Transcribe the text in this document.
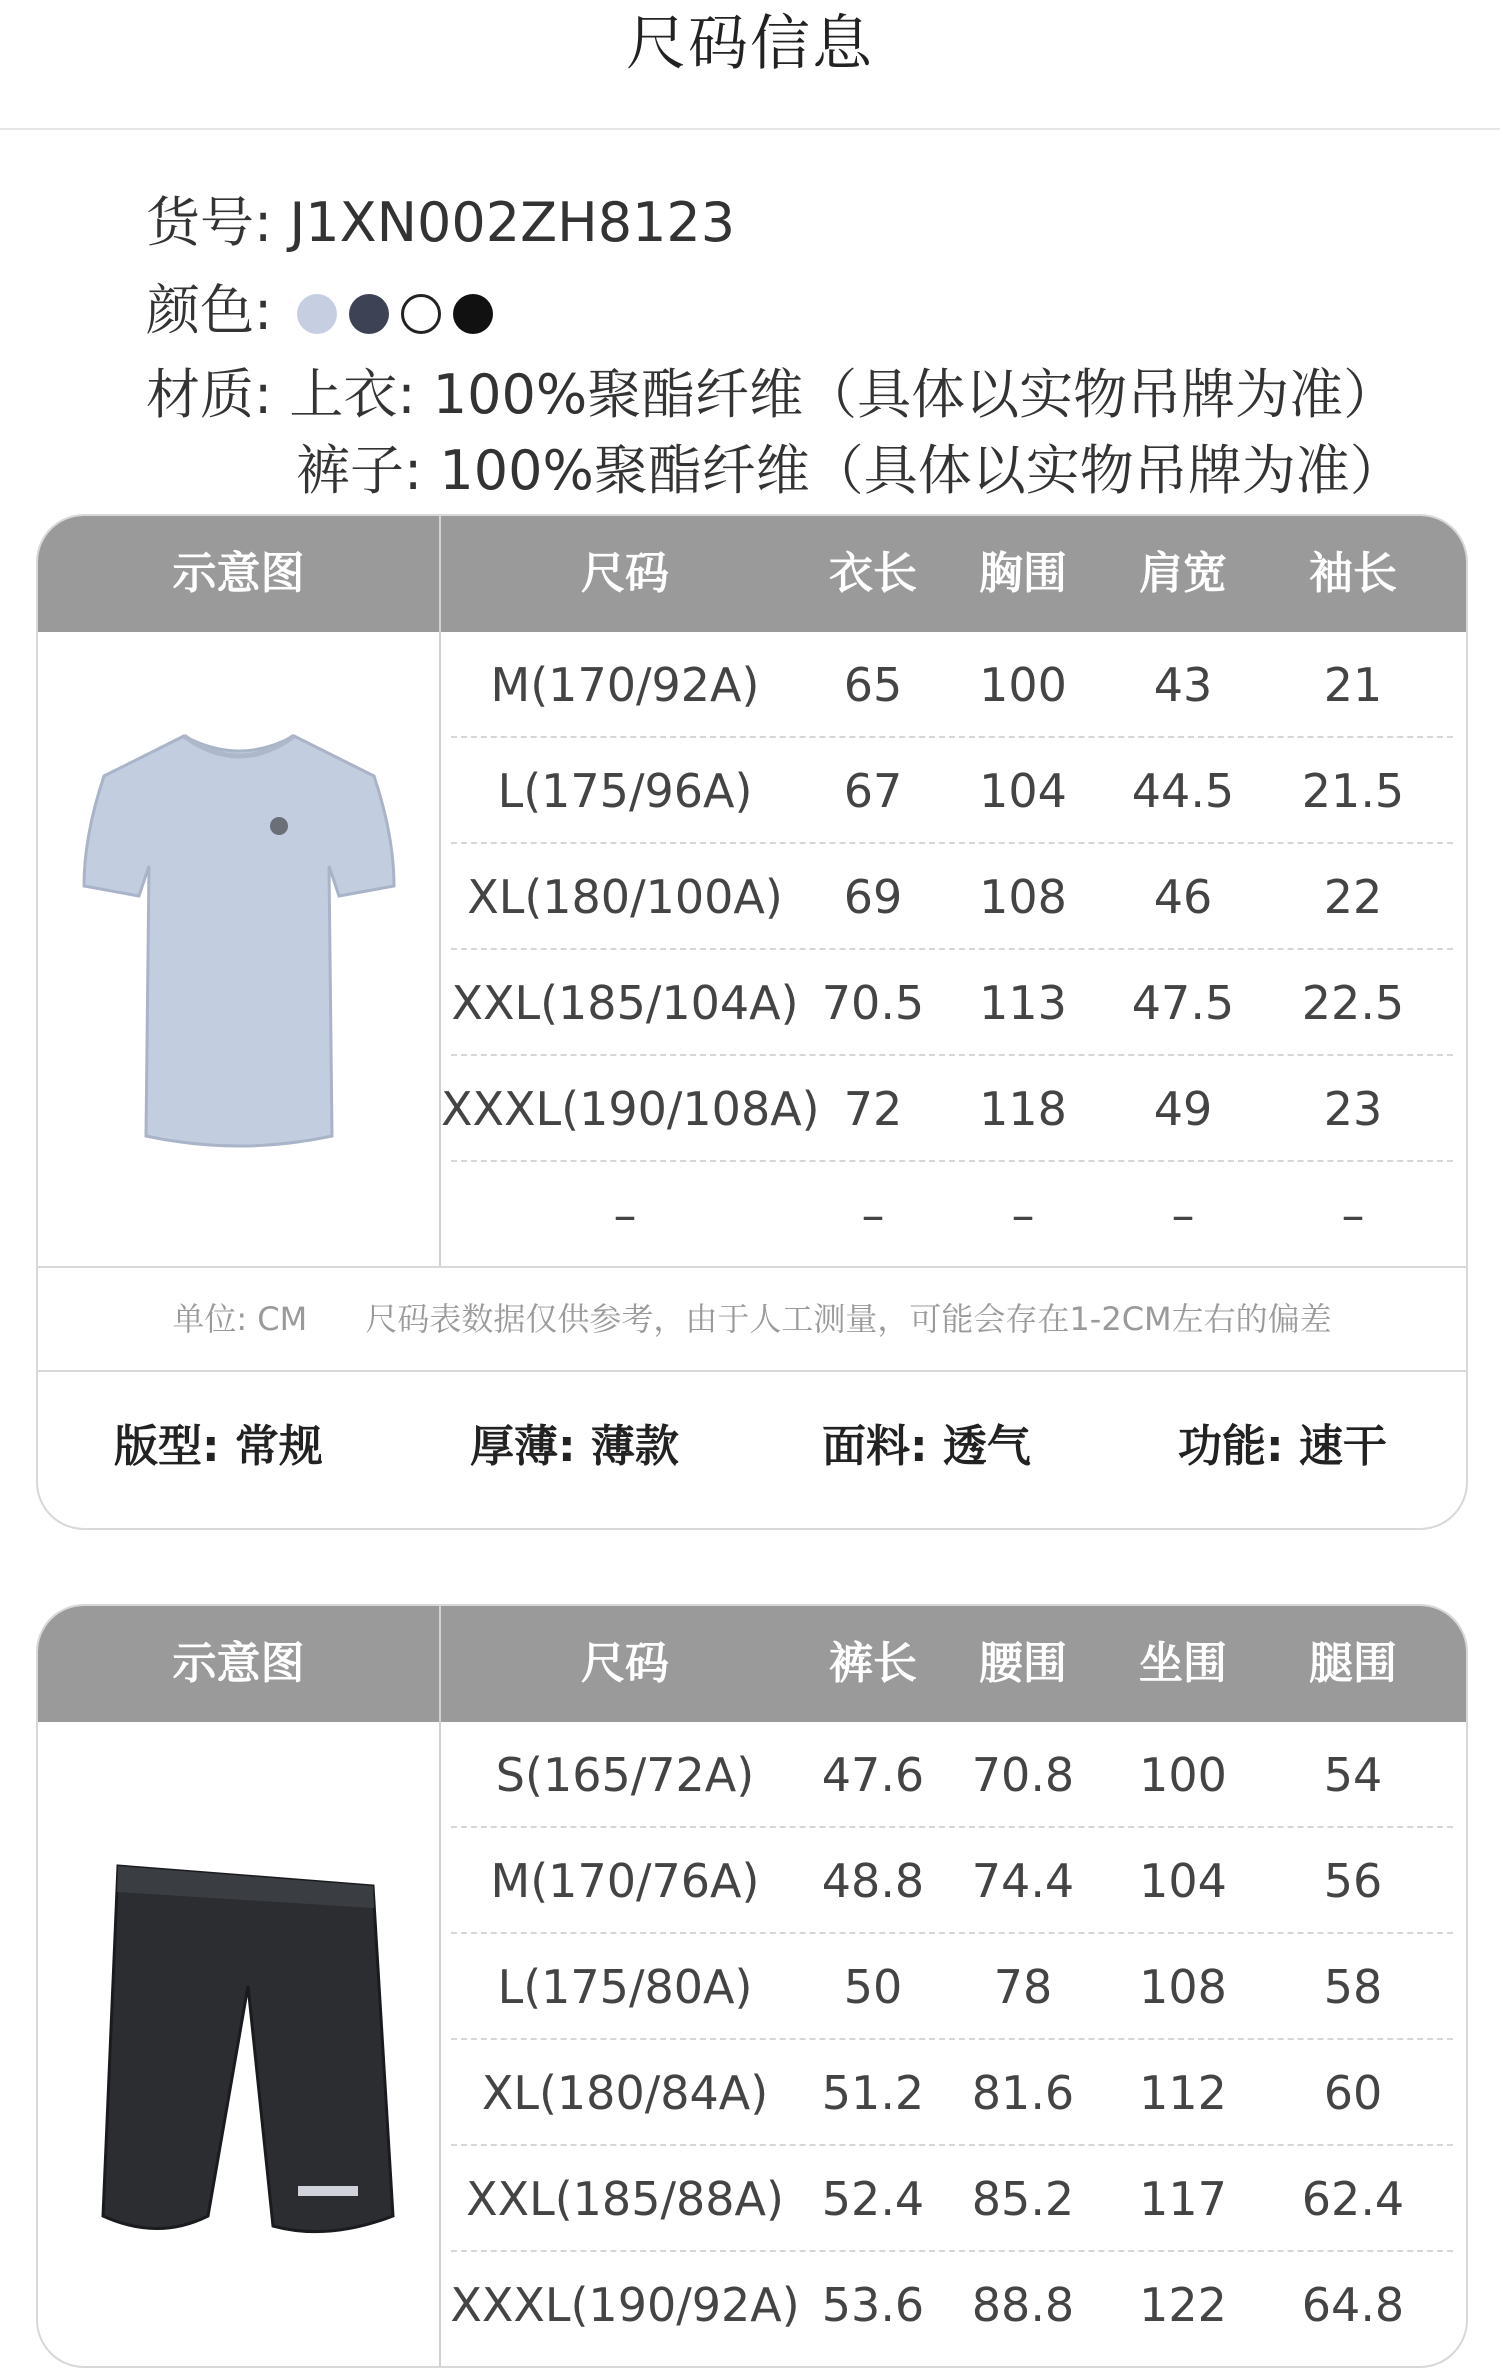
尺码信息
货号: J1XN002ZH8123
颜色:
材质: 上衣: 100%聚酯纤维（具体以实物吊牌为准）
裤子: 100%聚酯纤维（具体以实物吊牌为准）
示意图	尺码	衣长	胸围	肩宽	袖长
M(170/92A)	65	100	43	21
L(175/96A)	67	104	44.5	21.5
XL(180/100A)	69	108	46	22
XXL(185/104A) 70.5	113	47.5	22.5
XXXL(190/108A) 72	118	49	23
–	–	–	–	–
单位: CM 尺码表数据仅供参考，由于人工测量，可能会存在1-2CM左右的偏差
版型: 常规	厚薄: 薄款	面料: 透气	功能: 速干
示意图	尺码	裤长	腰围	坐围	腿围
S(165/72A)	47.6	70.8	100	54
M(170/76A)	48.8	74.4	104	56
L(175/80A)	50	78	108	58
XL(180/84A)	51.2	81.6	112	60
XXL(185/88A) 52.4	85.2	117	62.4
XXXL(190/92A) 53.6	88.8	122	64.8
